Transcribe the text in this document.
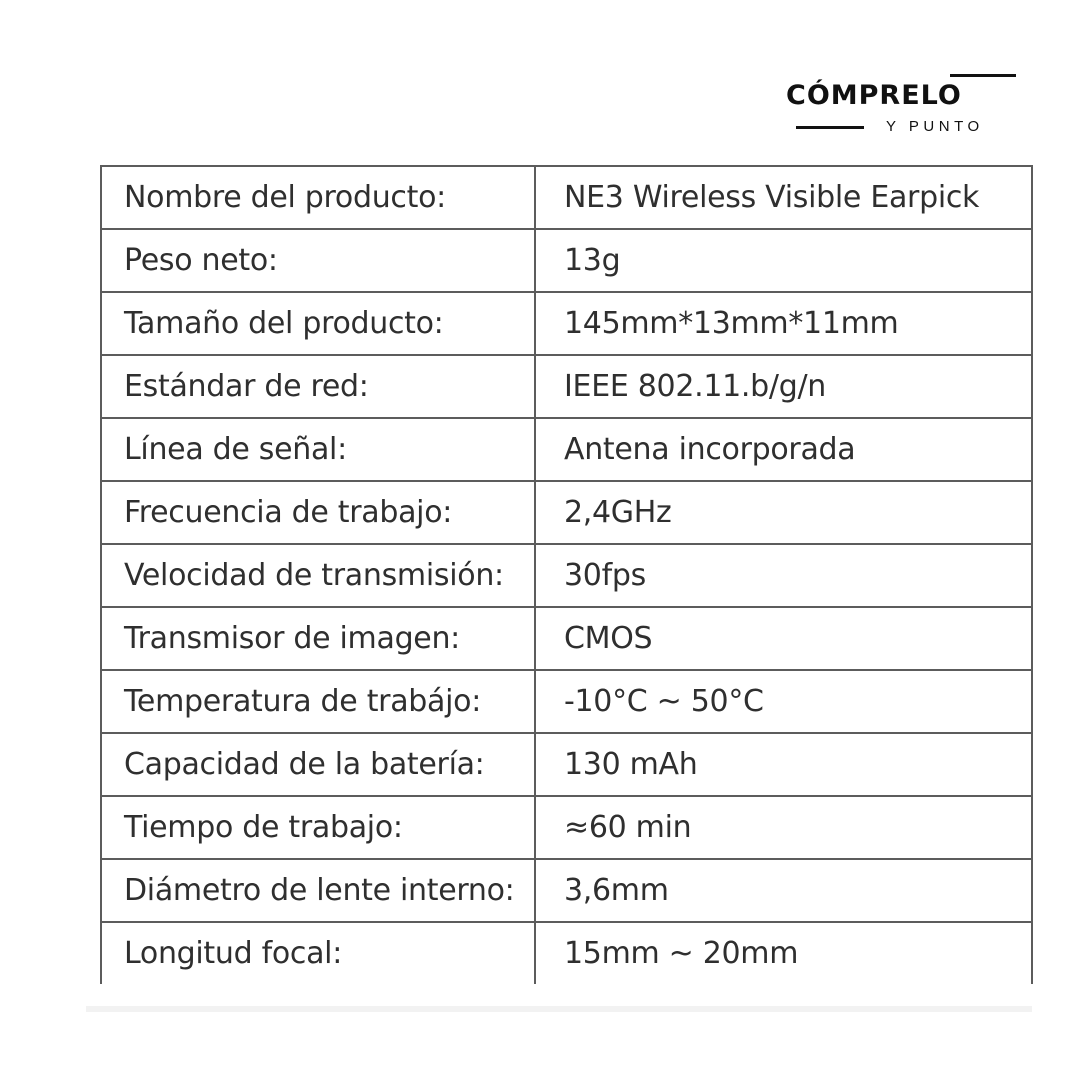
CÓMPRELO
Y PUNTO
Nombre del producto:	NE3 Wireless Visible Earpick
Peso neto:	13g
Tamaño del producto:	145mm*13mm*11mm
Estándar de red:	IEEE 802.11.b/g/n
Línea de señal:	Antena incorporada
Frecuencia de trabajo:	2,4GHz
Velocidad de transmisión:	30fps
Transmisor de imagen:	CMOS
Temperatura de trabájo:	-10°C ~ 50°C
Capacidad de la batería:	130 mAh
Tiempo de trabajo:	≈60 min
Diámetro de lente interno:	3,6mm
Longitud focal:	15mm ~ 20mm
